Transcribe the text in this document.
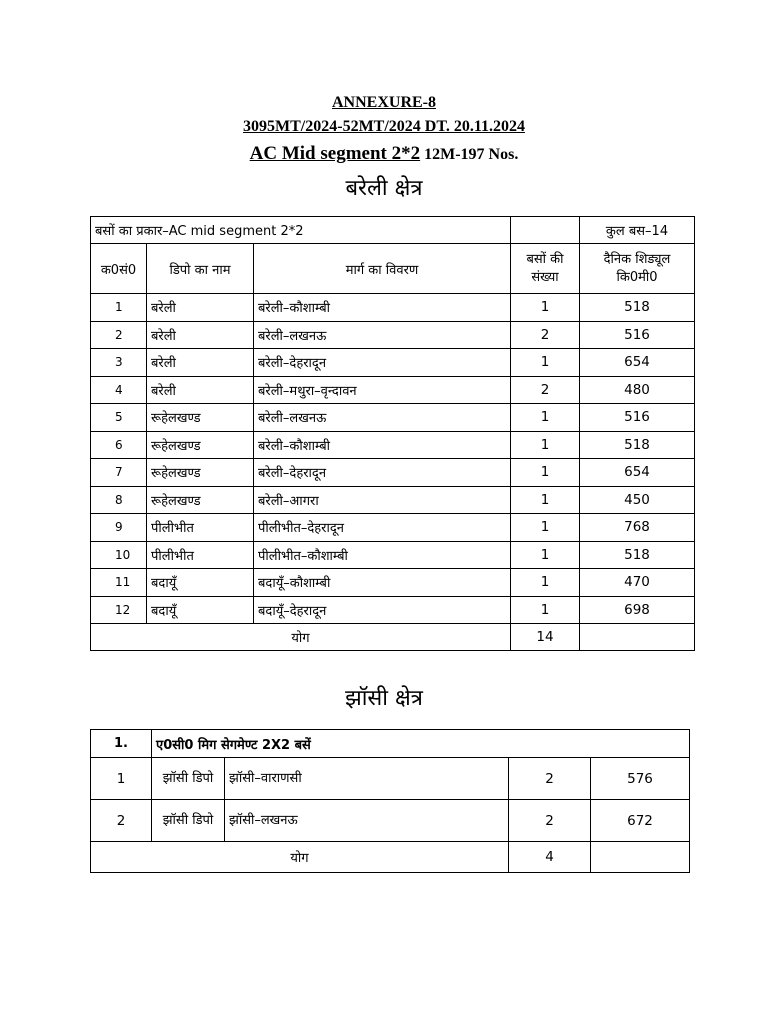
ANNEXURE-8
3095MT/2024-52MT/2024 DT. 20.11.2024
AC Mid segment 2*2 12M-197 Nos.
बरेली क्षेत्र
बसों का प्रकार–AC mid segment 2*2				कुल बस–14
क0सं0	डिपो का नाम	मार्ग का विवरण	बसों की संख्या	दैनिक शिड्यूल कि0मी0
1	बरेली	बरेली–कौशाम्बी	1	518
2	बरेली	बरेली–लखनऊ	2	516
3	बरेली	बरेली–देहरादून	1	654
4	बरेली	बरेली–मथुरा–वृन्दावन	2	480
5	रूहेलखण्ड	बरेली–लखनऊ	1	516
6	रूहेलखण्ड	बरेली–कौशाम्बी	1	518
7	रूहेलखण्ड	बरेली–देहरादून	1	654
8	रूहेलखण्ड	बरेली–आगरा	1	450
9	पीलीभीत	पीलीभीत–देहरादून	1	768
10	पीलीभीत	पीलीभीत–कौशाम्बी	1	518
11	बदायूँ	बदायूँ–कौशाम्बी	1	470
12	बदायूँ	बदायूँ–देहरादून	1	698
योग			14	
झॉसी क्षेत्र
1.	ए0सी0 मिग सेगमेण्ट 2X2 बसें			
1	झॉसी डिपो	झॉसी–वाराणसी	2	576
2	झॉसी डिपो	झॉसी–लखनऊ	2	672
योग			4	
